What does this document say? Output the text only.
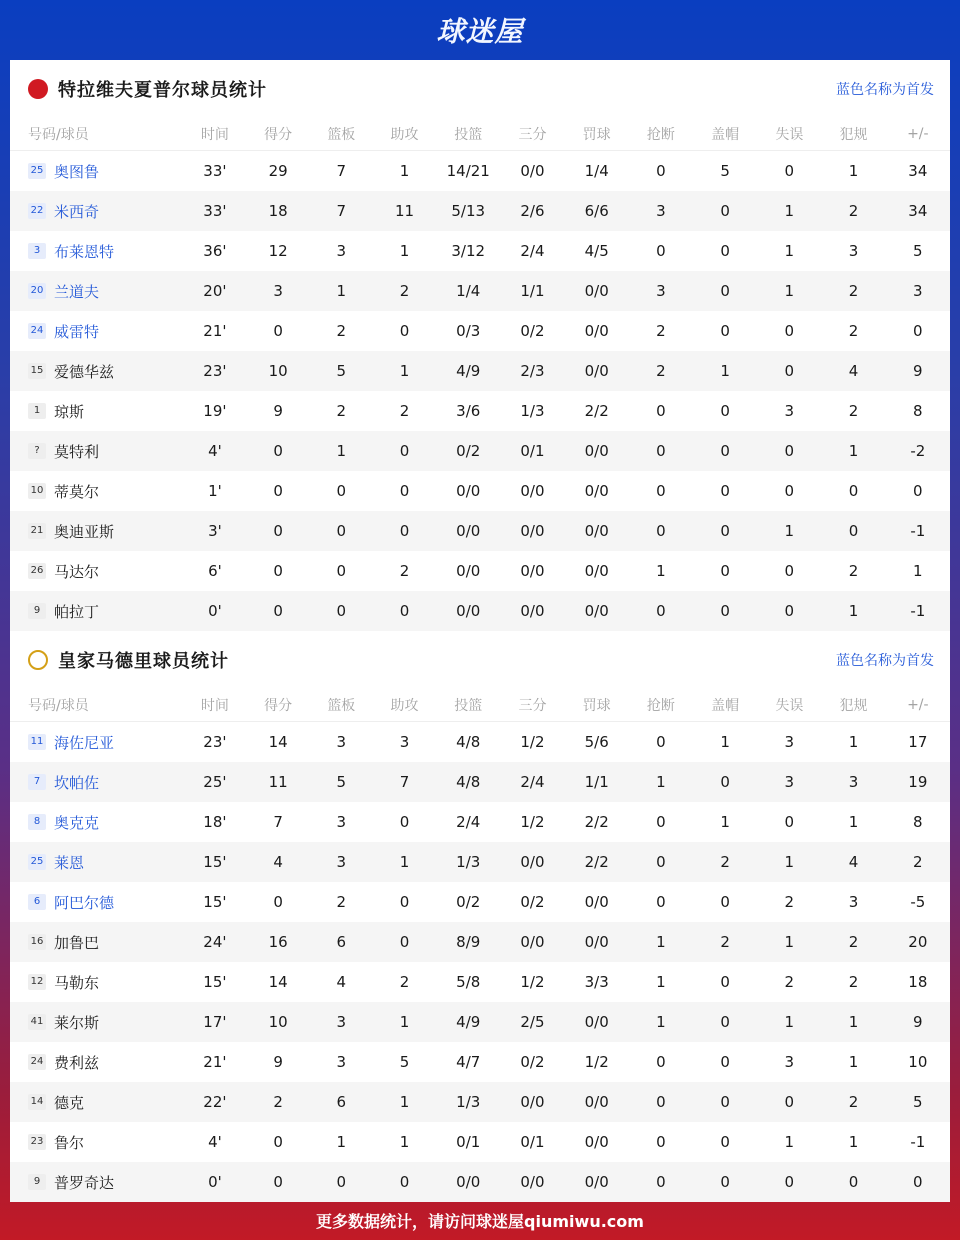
球迷屋
特拉维夫夏普尔球员统计	蓝色名称为首发
号码/球员	时间	得分	篮板	助攻	投篮	三分	罚球	抢断	盖帽	失误	犯规	+/-
25 奥图鲁	33'	29	7	1	14/21	0/0	1/4	0	5	0	1	34
22 米西奇	33'	18	7	11	5/13	2/6	6/6	3	0	1	2	34
3 布莱恩特	36'	12	3	1	3/12	2/4	4/5	0	0	1	3	5
20 兰道夫	20'	3	1	2	1/4	1/1	0/0	3	0	1	2	3
24 威雷特	21'	0	2	0	0/3	0/2	0/0	2	0	0	2	0
15 爱德华兹	23'	10	5	1	4/9	2/3	0/0	2	1	0	4	9
1 琼斯	19'	9	2	2	3/6	1/3	2/2	0	0	3	2	8
? 莫特利	4'	0	1	0	0/2	0/1	0/0	0	0	0	1	-2
10 蒂莫尔	1'	0	0	0	0/0	0/0	0/0	0	0	0	0	0
21 奥迪亚斯	3'	0	0	0	0/0	0/0	0/0	0	0	1	0	-1
26 马达尔	6'	0	0	2	0/0	0/0	0/0	1	0	0	2	1
9 帕拉丁	0'	0	0	0	0/0	0/0	0/0	0	0	0	1	-1
皇家马德里球员统计	蓝色名称为首发
号码/球员	时间	得分	篮板	助攻	投篮	三分	罚球	抢断	盖帽	失误	犯规	+/-
11 海佐尼亚	23'	14	3	3	4/8	1/2	5/6	0	1	3	1	17
7 坎帕佐	25'	11	5	7	4/8	2/4	1/1	1	0	3	3	19
8 奥克克	18'	7	3	0	2/4	1/2	2/2	0	1	0	1	8
25 莱恩	15'	4	3	1	1/3	0/0	2/2	0	2	1	4	2
6 阿巴尔德	15'	0	2	0	0/2	0/2	0/0	0	0	2	3	-5
16 加鲁巴	24'	16	6	0	8/9	0/0	0/0	1	2	1	2	20
12 马勒东	15'	14	4	2	5/8	1/2	3/3	1	0	2	2	18
41 莱尔斯	17'	10	3	1	4/9	2/5	0/0	1	0	1	1	9
24 费利兹	21'	9	3	5	4/7	0/2	1/2	0	0	3	1	10
14 德克	22'	2	6	1	1/3	0/0	0/0	0	0	0	2	5
23 鲁尔	4'	0	1	1	0/1	0/1	0/0	0	0	1	1	-1
9 普罗奇达	0'	0	0	0	0/0	0/0	0/0	0	0	0	0	0
更多数据统计，请访问球迷屋qiumiwu.com
